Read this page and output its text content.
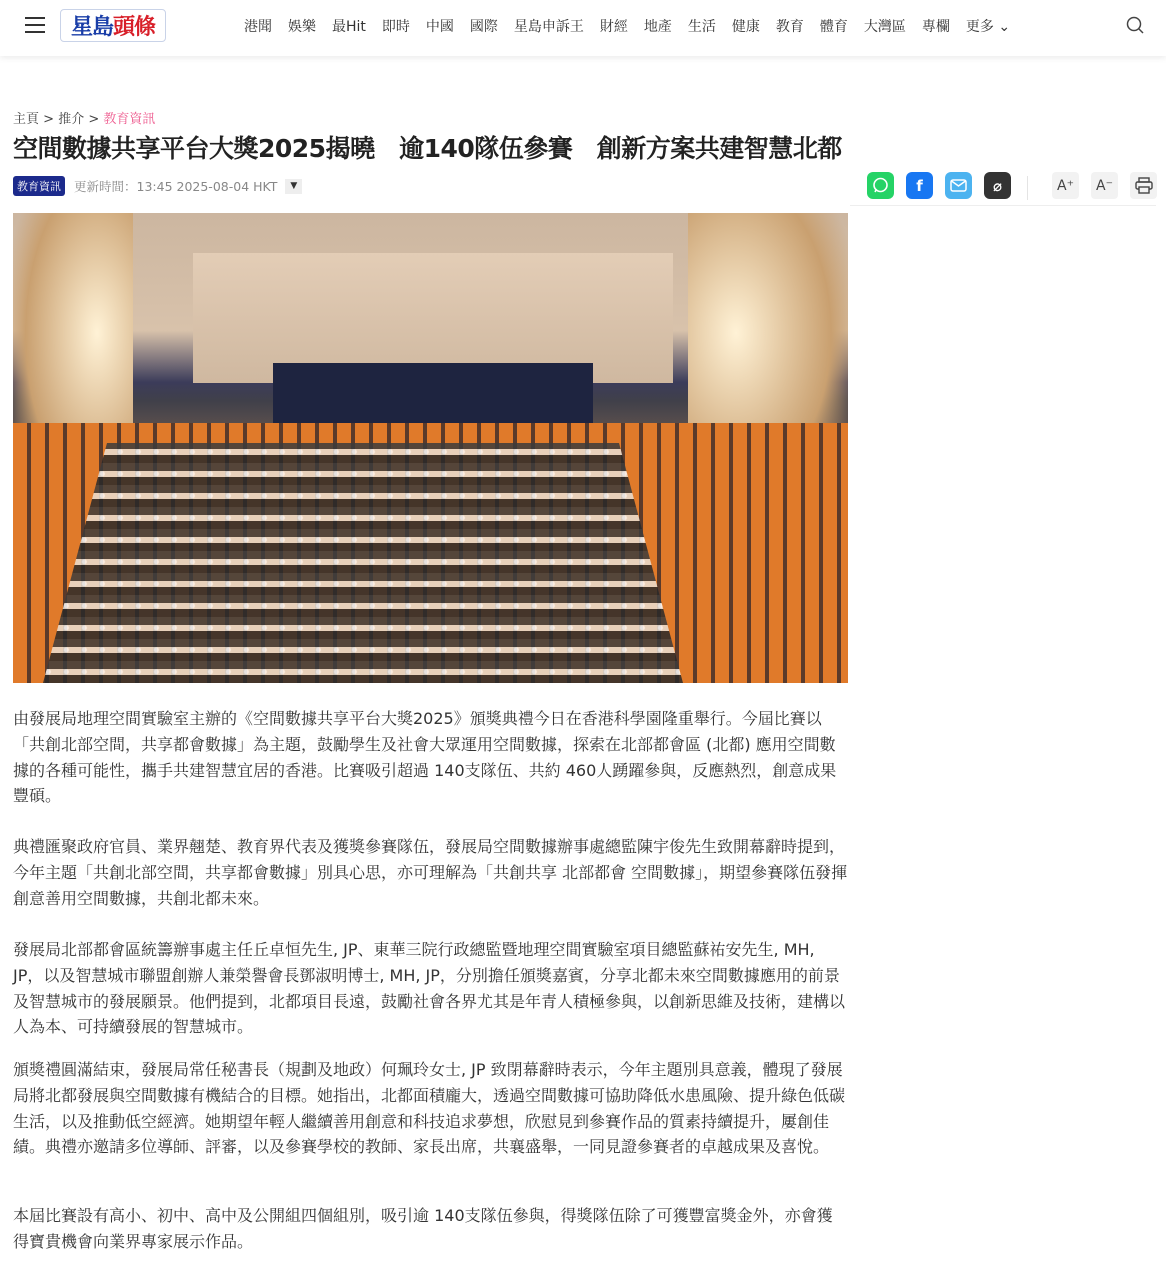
星島 頭條	港聞 娛樂 最Hit 即時 中國 國際 星島申訴王 財經 地產 生活 健康 教育 體育 大灣區 專欄 更多 ⌄
主頁 > 推介 > 教育資訊
空間數據共享平台大獎2025揭曉　逾140隊伍參賽　創新方案共建智慧北都
教育資訊	更新時間：13:45 2025-08-04 HKT	▼	f	⌀	A⁺ A⁻
由發展局地理空間實驗室主辦的《空間數據共享平台大獎2025》頒獎典禮今日在香港科學園隆重舉行。今屆比賽以「共創北部空間，共享都會數據」為主題，鼓勵學生及社會大眾運用空間數據，探索在北部都會區 (北都) 應用空間數據的各種可能性，攜手共建智慧宜居的香港。比賽吸引超過 140支隊伍、共約 460人踴躍參與，反應熱烈，創意成果豐碩。
典禮匯聚政府官員、業界翹楚、教育界代表及獲獎參賽隊伍，發展局空間數據辦事處總監陳宇俊先生致開幕辭時提到，今年主題「共創北部空間，共享都會數據」別具心思，亦可理解為「共創共享 北部都會 空間數據」，期望參賽隊伍發揮創意善用空間數據，共創北都未來。
發展局北部都會區統籌辦事處主任丘卓恒先生, JP、東華三院行政總監暨地理空間實驗室項目總監蘇祐安先生, MH, JP，以及智慧城市聯盟創辦人兼榮譽會長鄧淑明博士, MH, JP，分別擔任頒獎嘉賓，分享北都未來空間數據應用的前景及智慧城市的發展願景。他們提到，北都項目長遠，鼓勵社會各界尤其是年青人積極參與，以創新思維及技術，建構以人為本、可持續發展的智慧城市。
頒獎禮圓滿結束，發展局常任秘書長（規劃及地政）何珮玲女士, JP 致閉幕辭時表示，今年主題別具意義，體現了發展局將北都發展與空間數據有機結合的目標。她指出，北都面積龐大，透過空間數據可協助降低水患風險、提升綠色低碳生活，以及推動低空經濟。她期望年輕人繼續善用創意和科技追求夢想，欣慰見到參賽作品的質素持續提升，屢創佳績。典禮亦邀請多位導師、評審，以及參賽學校的教師、家長出席，共襄盛舉，一同見證參賽者的卓越成果及喜悅。
本屆比賽設有高小、初中、高中及公開組四個組別，吸引逾 140支隊伍參與，得獎隊伍除了可獲豐富獎金外，亦會獲得寶貴機會向業界專家展示作品。
